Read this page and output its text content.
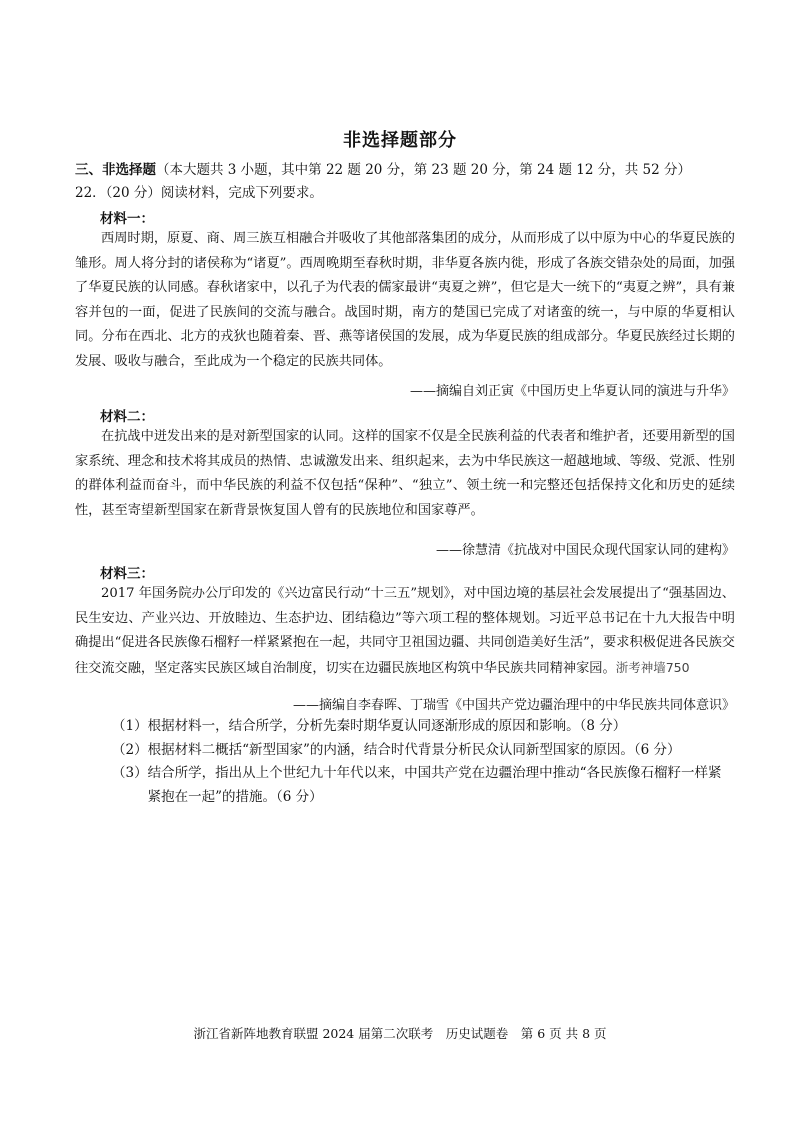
非选择题部分
三、非选择题（本大题共 3 小题，其中第 22 题 20 分，第 23 题 20 分，第 24 题 12 分，共 52 分）
22．（20 分）阅读材料，完成下列要求。
材料一：
西周时期，原夏、商、周三族互相融合并吸收了其他部落集团的成分，从而形成了以中原为中心的华夏民族的雏形。周人将分封的诸侯称为“诸夏”。西周晚期至春秋时期，非华夏各族内徙，形成了各族交错杂处的局面，加强了华夏民族的认同感。春秋诸家中，以孔子为代表的儒家最讲“夷夏之辨”，但它是大一统下的“夷夏之辨”，具有兼容并包的一面，促进了民族间的交流与融合。战国时期，南方的楚国已完成了对诸蛮的统一，与中原的华夏相认同。分布在西北、北方的戎狄也随着秦、晋、燕等诸侯国的发展，成为华夏民族的组成部分。华夏民族经过长期的发展、吸收与融合，至此成为一个稳定的民族共同体。
——摘编自刘正寅《中国历史上华夏认同的演进与升华》
材料二：
在抗战中迸发出来的是对新型国家的认同。这样的国家不仅是全民族利益的代表者和维护者，还要用新型的国家系统、理念和技术将其成员的热情、忠诚激发出来、组织起来，去为中华民族这一超越地域、等级、党派、性别的群体利益而奋斗，而中华民族的利益不仅包括“保种”、“独立”、领土统一和完整还包括保持文化和历史的延续性，甚至寄望新型国家在新背景恢复国人曾有的民族地位和国家尊严。
——徐慧清《抗战对中国民众现代国家认同的建构》
材料三：
2017 年国务院办公厅印发的《兴边富民行动“十三五”规划》，对中国边境的基层社会发展提出了“强基固边、民生安边、产业兴边、开放睦边、生态护边、团结稳边”等六项工程的整体规划。习近平总书记在十九大报告中明确提出“促进各民族像石榴籽一样紧紧抱在一起，共同守卫祖国边疆、共同创造美好生活”，要求积极促进各民族交往交流交融，坚定落实民族区域自治制度，切实在边疆民族地区构筑中华民族共同精神家园。浙考神墙750
——摘编自李春晖、丁瑞雪《中国共产党边疆治理中的中华民族共同体意识》
（1） 根据材料一，结合所学，分析先秦时期华夏认同逐渐形成的原因和影响。（8 分）
（2） 根据材料二概括“新型国家”的内涵，结合时代背景分析民众认同新型国家的原因。（6 分）
（3） 结合所学，指出从上个世纪九十年代以来，中国共产党在边疆治理中推动“各民族像石榴籽一样紧紧抱在一起”的措施。（6 分）
浙江省新阵地教育联盟 2024 届第二次联考　历史试题卷　第 6 页 共 8 页
